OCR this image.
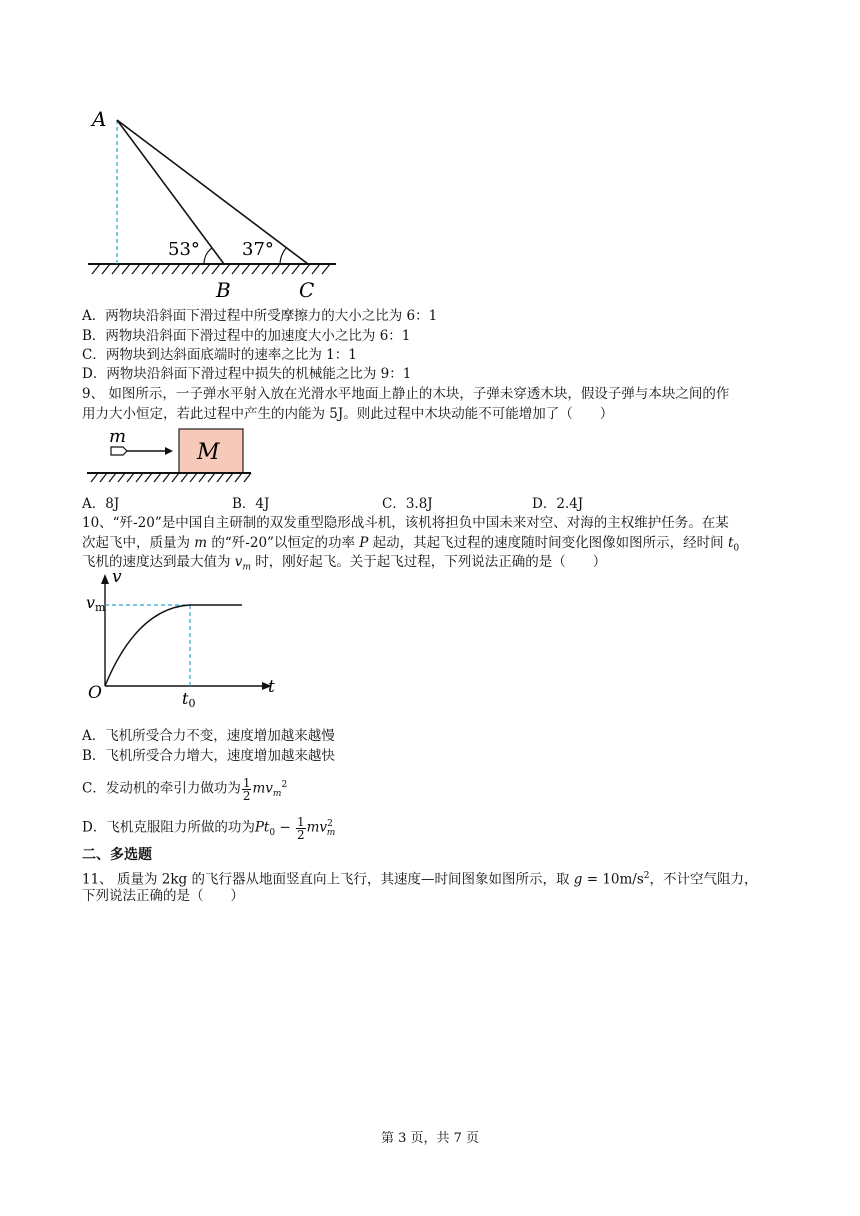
A
B	C
53° 37°
A．两物块沿斜面下滑过程中所受摩擦力的大小之比为 6：1
B．两物块沿斜面下滑过程中的加速度大小之比为 6：1
C．两物块到达斜面底端时的速率之比为 1：1
D．两物块沿斜面下滑过程中损失的机械能之比为 9：1
9、 如图所示，一子弹水平射入放在光滑水平地面上静止的木块，子弹未穿透木块，假设子弹与本块之间的作
用力大小恒定，若此过程中产生的内能为 5J。则此过程中木块动能不可能增加了（　　）
m
M
A．8J	B．4J	C．3.8J	D．2.4J
10、“歼-20”是中国自主研制的双发重型隐形战斗机，该机将担负中国未来对空、对海的主权维护任务。在某
次起飞中，质量为 m 的“歼-20”以恒定的功率 P 起动，其起飞过程的速度随时间变化图像如图所示，经时间 $t_0$
飞机的速度达到最大值为 $v_m$ 时，刚好起飞。关于起飞过程，下列说法正确的是（　　）
v
t
O
vm
t0
A．飞机所受合力不变，速度增加越来越慢
B．飞机所受合力增大，速度增加越来越快
C．发动机的牵引力做功为 $\frac{1}{2} mv_m^2$
D．飞机克服阻力所做的功为$Pt_0 - \frac{1}{2} mv^2_m$
二、多选题
11、 质量为 2kg 的飞行器从地面竖直向上飞行，其速度—时间图象如图所示，取 $g = 10m/s^2$，不计空气阻力，
下列说法正确的是（　　）
第 3 页，共 7 页
